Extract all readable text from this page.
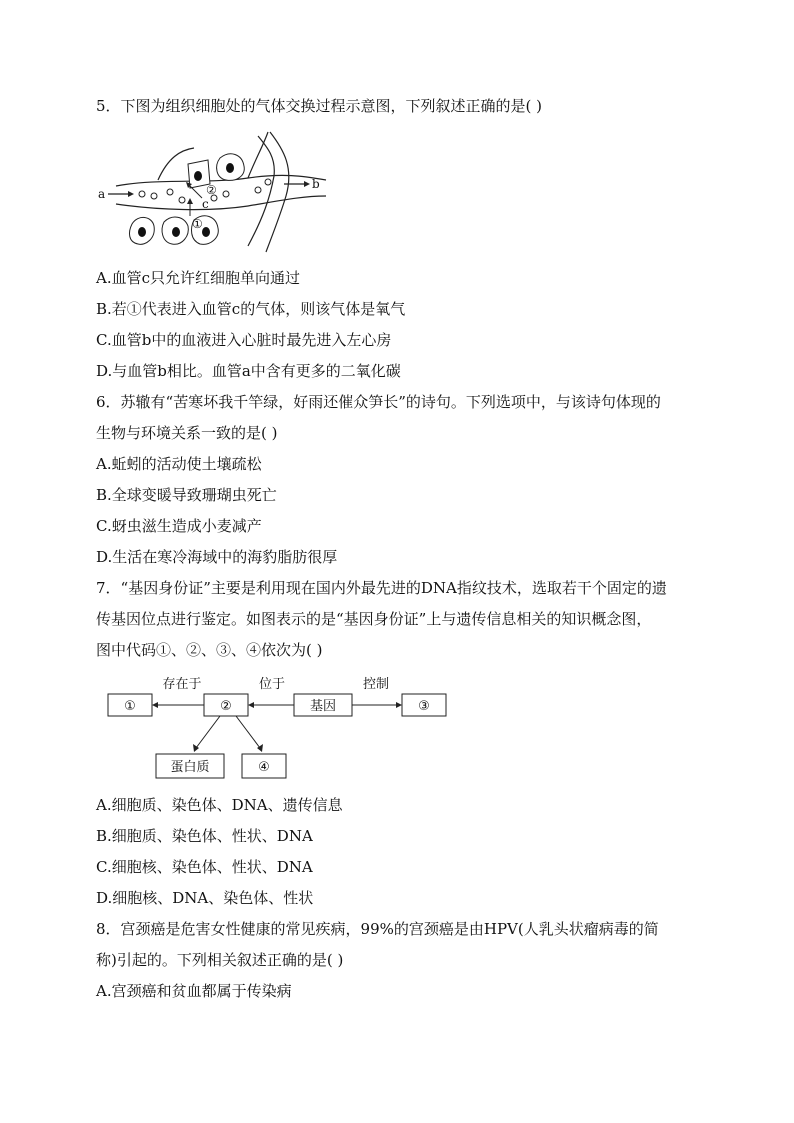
5．下图为组织细胞处的气体交换过程示意图，下列叙述正确的是( )
a
b
c
①
②
A.血管c只允许红细胞单向通过
B.若①代表进入血管c的气体，则该气体是氧气
C.血管b中的血液进入心脏时最先进入左心房
D.与血管b相比。血管a中含有更多的二氧化碳
6．苏辙有“苦寒坏我千竿绿，好雨还催众笋长”的诗句。下列选项中，与该诗句体现的
生物与环境关系一致的是( )
A.蚯蚓的活动使土壤疏松
B.全球变暖导致珊瑚虫死亡
C.蚜虫滋生造成小麦减产
D.生活在寒冷海域中的海豹脂肪很厚
7．“基因身份证”主要是利用现在国内外最先进的DNA指纹技术，选取若干个固定的遗
传基因位点进行鉴定。如图表示的是“基因身份证”上与遗传信息相关的知识概念图，
图中代码①、②、③、④依次为( )
①	②	基因	③
蛋白质	④
存在于	位于	控制
A.细胞质、染色体、DNA、遗传信息
B.细胞质、染色体、性状、DNA
C.细胞核、染色体、性状、DNA
D.细胞核、DNA、染色体、性状
8．宫颈癌是危害女性健康的常见疾病，99%的宫颈癌是由HPV(人乳头状瘤病毒的简
称)引起的。下列相关叙述正确的是( )
A.宫颈癌和贫血都属于传染病
